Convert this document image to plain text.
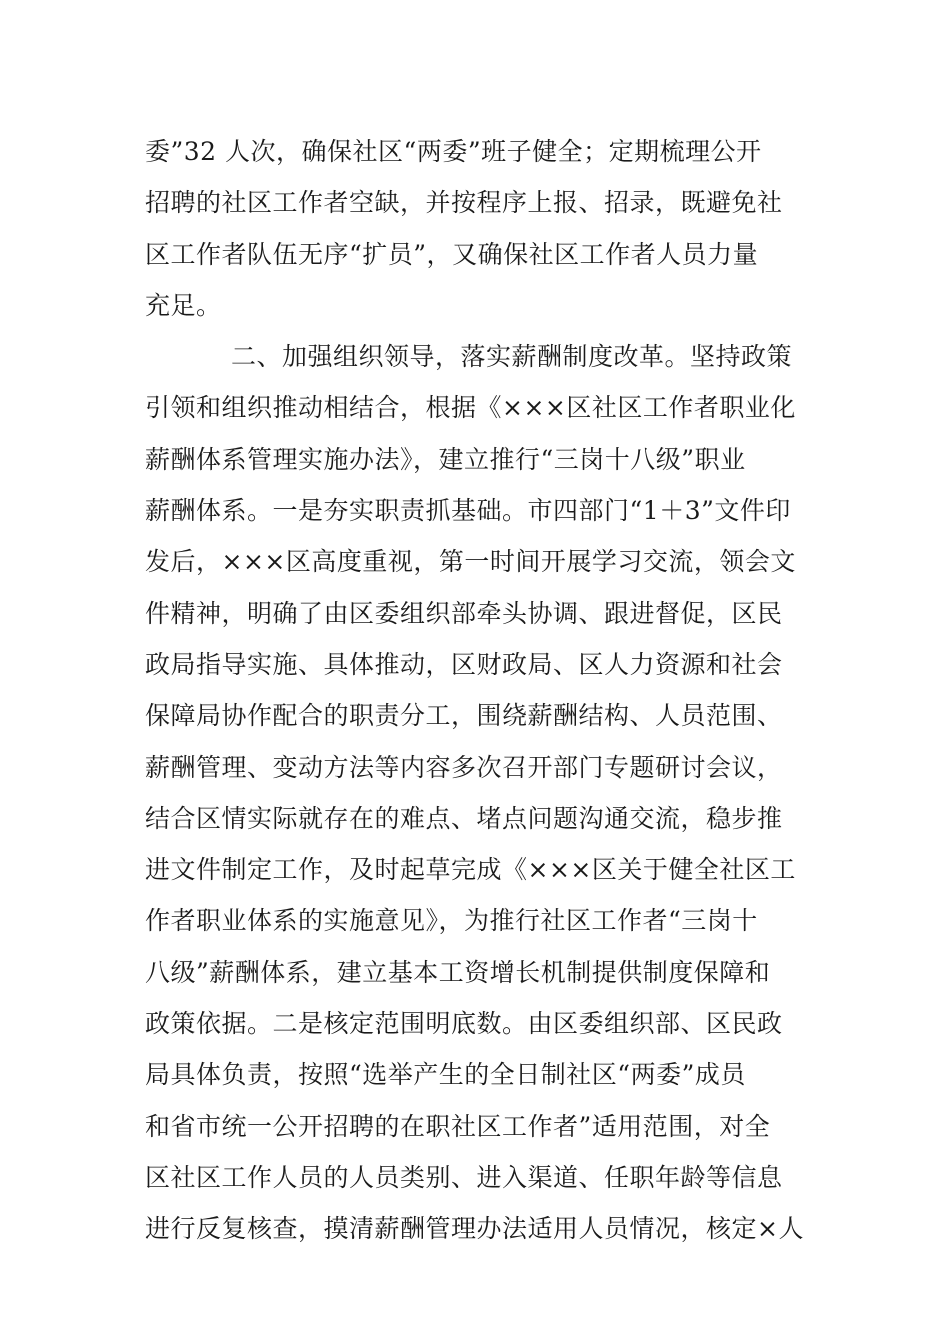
委”32 人次，确保社区“两委”班子健全；定期梳理公开
招聘的社区工作者空缺，并按程序上报、招录，既避免社
区工作者队伍无序“扩员”，又确保社区工作者人员力量
充足。
二、加强组织领导，落实薪酬制度改革。坚持政策
引领和组织推动相结合，根据《×××区社区工作者职业化
薪酬体系管理实施办法》，建立推行“三岗十八级”职业
薪酬体系。一是夯实职责抓基础。市四部门“1＋3”文件印
发后，×××区高度重视，第一时间开展学习交流，领会文
件精神，明确了由区委组织部牵头协调、跟进督促，区民
政局指导实施、具体推动，区财政局、区人力资源和社会
保障局协作配合的职责分工，围绕薪酬结构、人员范围、
薪酬管理、变动方法等内容多次召开部门专题研讨会议，
结合区情实际就存在的难点、堵点问题沟通交流，稳步推
进文件制定工作，及时起草完成《×××区关于健全社区工
作者职业体系的实施意见》，为推行社区工作者“三岗十
八级”薪酬体系，建立基本工资增长机制提供制度保障和
政策依据。二是核定范围明底数。由区委组织部、区民政
局具体负责，按照“选举产生的全日制社区“两委”成员
和省市统一公开招聘的在职社区工作者”适用范围，对全
区社区工作人员的人员类别、进入渠道、任职年龄等信息
进行反复核查，摸清薪酬管理办法适用人员情况，核定×人
